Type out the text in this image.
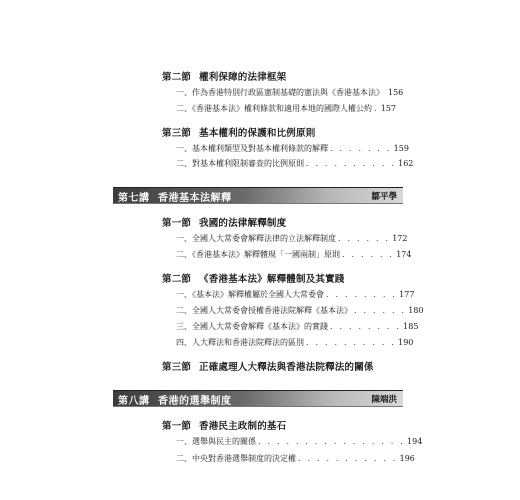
第二節 權利保障的法律框架
一、作為香港特別行政區憲制基礎的憲法與《香港基本法》 156
二、《香港基本法》權利條款和適用本地的國際人權公約 . 157
第三節 基本權利的保護和比例原則
一、基本權利類型及對基本權利條款的解釋 . . . . . . . 159
二、對基本權利限制審查的比例原則 . . . . . . . . . . 162
第七講 香港基本法解釋	鄒平學
第一節 我國的法律解釋制度
一、全國人大常委會解釋法律的立法解釋制度 . . . . . . 172
二、《香港基本法》解釋體現「一國兩制」原則 . . . . . . 174
第二節 《香港基本法》解釋體制及其實踐
一、《基本法》解釋權屬於全國人大常委會 . . . . . . . . 177
二、全國人大常委會授權香港法院解釋《基本法》 . . . . . . 180
三、全國人大常委會解釋《基本法》的實踐 . . . . . . . . 185
四、人大釋法和香港法院釋法的區別 . . . . . . . . . . 190
第三節 正確處理人大釋法與香港法院釋法的關係
第八講 香港的選舉制度	陳端洪
第一節 香港民主政制的基石
一、選舉與民主的關係 . . . . . . . . . . . . . . . . 194
二、中央對香港選舉制度的決定權 . . . . . . . . . . . 196
